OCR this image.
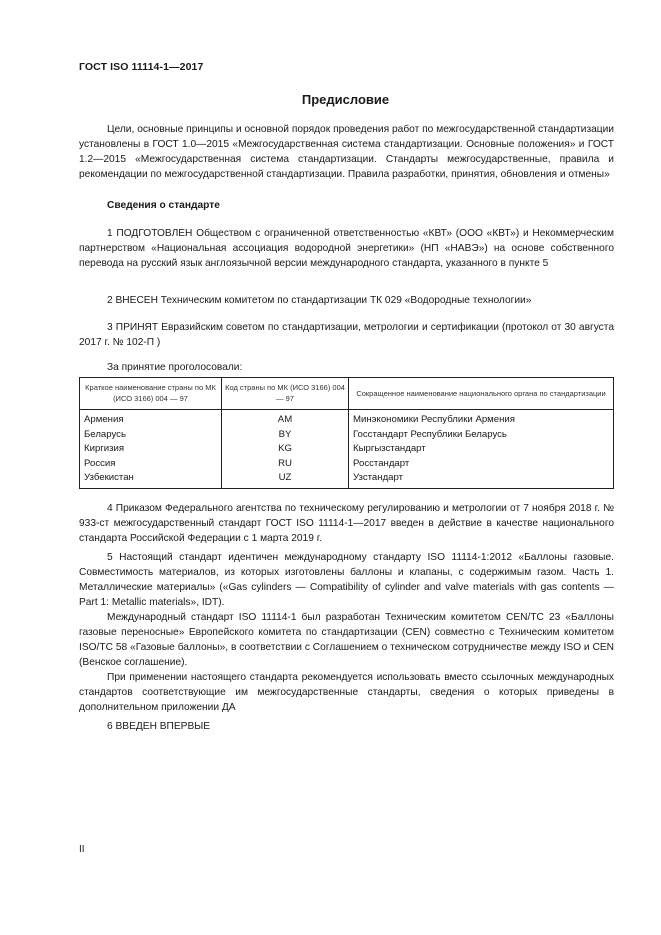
ГОСТ ISO 11114-1—2017
Предисловие

Цели, основные принципы и основной порядок проведения работ по межгосударственной стандартизации установлены в ГОСТ 1.0—2015 «Межгосударственная система стандартизации. Основные положения» и ГОСТ 1.2—2015 «Межгосударственная система стандартизации. Стандарты межгосударственные, правила и рекомендации по межгосударственной стандартизации. Правила разработки, принятия, обновления и отмены»

Сведения о стандарте

1 ПОДГОТОВЛЕН Обществом с ограниченной ответственностью «КВТ» (ООО «КВТ») и Некоммерческим партнерством «Национальная ассоциация водородной энергетики» (НП «НАВЭ») на основе собственного перевода на русский язык англоязычной версии международного стандарта, указанного в пункте 5

2 ВНЕСЕН Техническим комитетом по стандартизации ТК 029 «Водородные технологии»

3 ПРИНЯТ Евразийским советом по стандартизации, метрологии и сертификации (протокол от 30 августа 2017 г. № 102-П )

За принятие проголосовали:

Краткое наименование страны по МК (ИСО 3166) 004 — 97	Код страны по МК (ИСО 3166) 004 — 97	Сокращенное наименование национального органа по стандартизации
Армения	AM	Минэкономики Республики Армения
Беларусь	BY	Госстандарт Республики Беларусь
Киргизия	KG	Кыргызстандарт
Россия	RU	Росстандарт
Узбекистан	UZ	Узстандарт

4 Приказом Федерального агентства по техническому регулированию и метрологии от 7 ноября 2018 г. № 933-ст межгосударственный стандарт ГОСТ ISO 11114-1—2017 введен в действие в качестве национального стандарта Российской Федерации с 1 марта 2019 г.

5 Настоящий стандарт идентичен международному стандарту ISO 11114-1:2012 «Баллоны газовые. Совместимость материалов, из которых изготовлены баллоны и клапаны, с содержимым газом. Часть 1. Металлические материалы» («Gas cylinders — Compatibility of cylinder and valve materials with gas contents — Part 1: Metallic materials», IDT).

Международный стандарт ISO 11114-1 был разработан Техническим комитетом CEN/TC 23 «Баллоны газовые переносные» Европейского комитета по стандартизации (CEN) совместно с Техническим комитетом ISO/TC 58 «Газовые баллоны», в соответствии с Соглашением о техническом сотрудничестве между ISO и CEN (Венское соглашение).

При применении настоящего стандарта рекомендуется использовать вместо ссылочных международных стандартов соответствующие им межгосударственные стандарты, сведения о которых приведены в дополнительном приложении ДА

6 ВВЕДЕН ВПЕРВЫЕ

II
